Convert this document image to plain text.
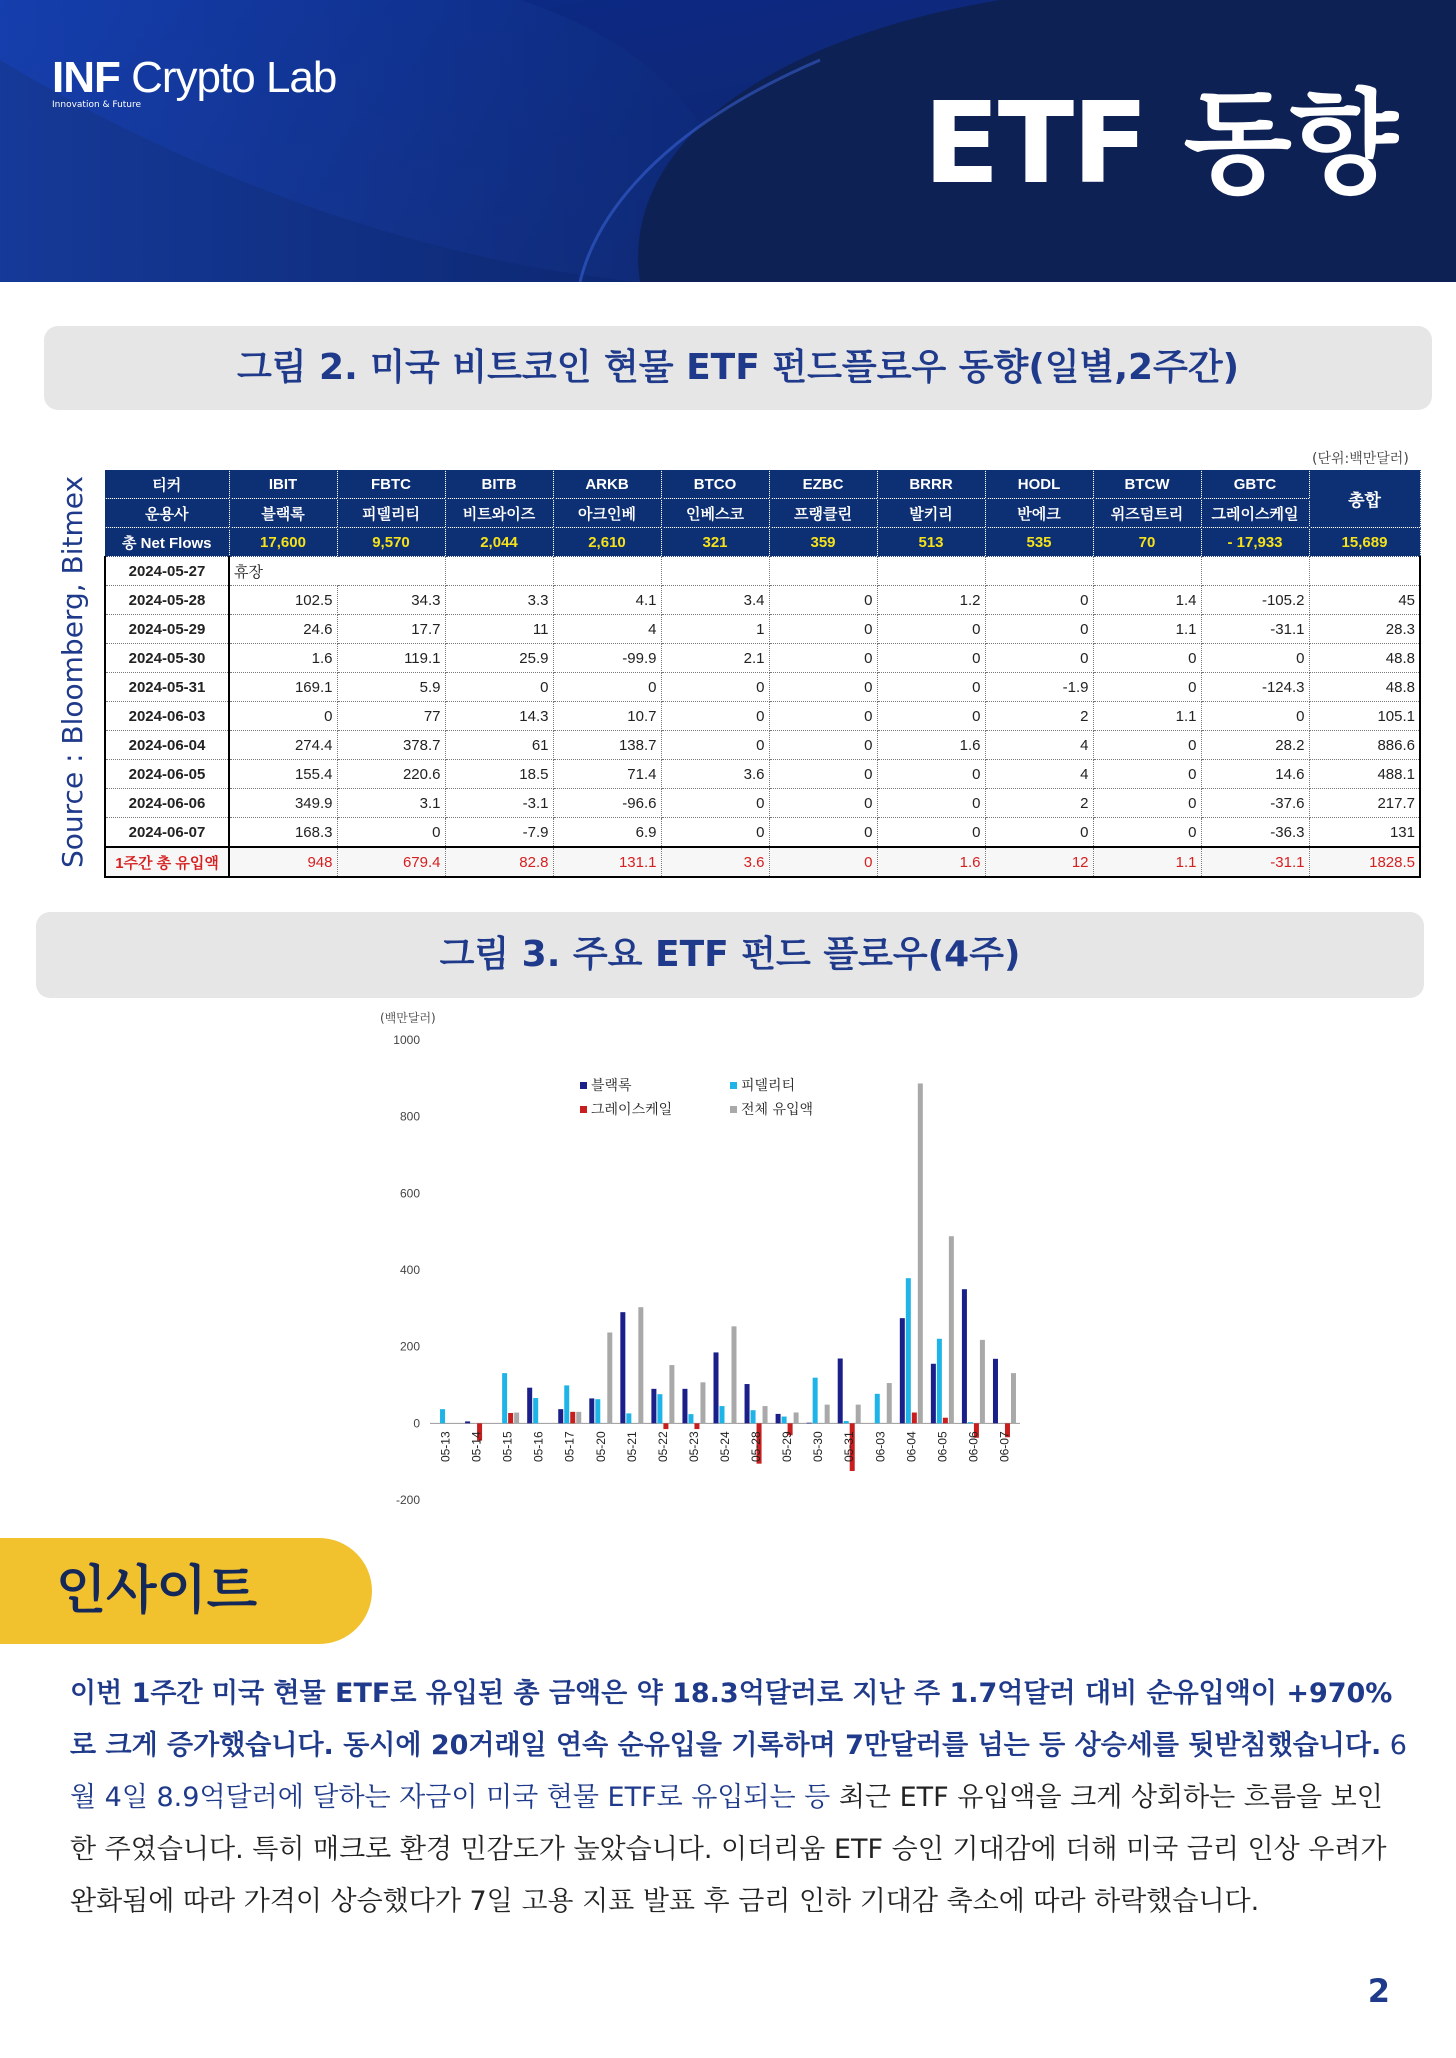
INF Crypto Lab
Innovation & Future	ETF 동향
그림 2. 미국 비트코인 현물 ETF 펀드플로우 동향(일별,2주간)
Source : Bloomberg, Bitmex
(단위:백만달러)
티커	IBIT	FBTC	BITB	ARKB	BTCO	EZBC	BRRR	HODL	BTCW	GBTC	총합
운용사	블랙록	피델리티	비트와이즈	아크인베	인베스코	프랭클린	발키리	반에크	위즈덤트리	그레이스케일	
총 Net Flows	17,600	9,570	2,044	2,610	321	359	513	535	70	- 17,933	15,689
2024-05-27	휴장										
2024-05-28	102.5	34.3	3.3	4.1	3.4	0	1.2	0	1.4	-105.2	45
2024-05-29	24.6	17.7	11	4	1	0	0	0	1.1	-31.1	28.3
2024-05-30	1.6	119.1	25.9	-99.9	2.1	0	0	0	0	0	48.8
2024-05-31	169.1	5.9	0	0	0	0	0	-1.9	0	-124.3	48.8
2024-06-03	0	77	14.3	10.7	0	0	0	2	1.1	0	105.1
2024-06-04	274.4	378.7	61	138.7	0	0	1.6	4	0	28.2	886.6
2024-06-05	155.4	220.6	18.5	71.4	3.6	0	0	4	0	14.6	488.1
2024-06-06	349.9	3.1	-3.1	-96.6	0	0	0	2	0	-37.6	217.7
2024-06-07	168.3	0	-7.9	6.9	0	0	0	0	0	-36.3	131
1주간 총 유입액	948	679.4	82.8	131.1	3.6	0	1.6	12	1.1	-31.1	1828.5
그림 3. 주요 ETF 펀드 플로우(4주)
(백만달러)
-200
0
200
400
600
800
1000
05-13 05-14 05-15 05-16 05-17 05-20 05-21 05-22 05-23 05-24 05-28 05-29 05-30 05-31 06-03 06-04 06-05 06-06 06-07
블랙록	피델리티
그레이스케일	전체 유입액
인사이트
이번 1주간 미국 현물 ETF로 유입된 총 금액은 약 18.3억달러로 지난 주 1.7억달러 대비 순유입액이 +970%로 크게 증가했습니다. 동시에 20거래일 연속 순유입을 기록하며 7만달러를 넘는 등 상승세를 뒷받침했습니다. 6월 4일 8.9억달러에 달하는 자금이 미국 현물 ETF로 유입되는 등 최근 ETF 유입액을 크게 상회하는 흐름을 보인 한 주였습니다. 특히 매크로 환경 민감도가 높았습니다. 이더리움 ETF 승인 기대감에 더해 미국 금리 인상 우려가 완화됨에 따라 가격이 상승했다가 7일 고용 지표 발표 후 금리 인하 기대감 축소에 따라 하락했습니다.
2
